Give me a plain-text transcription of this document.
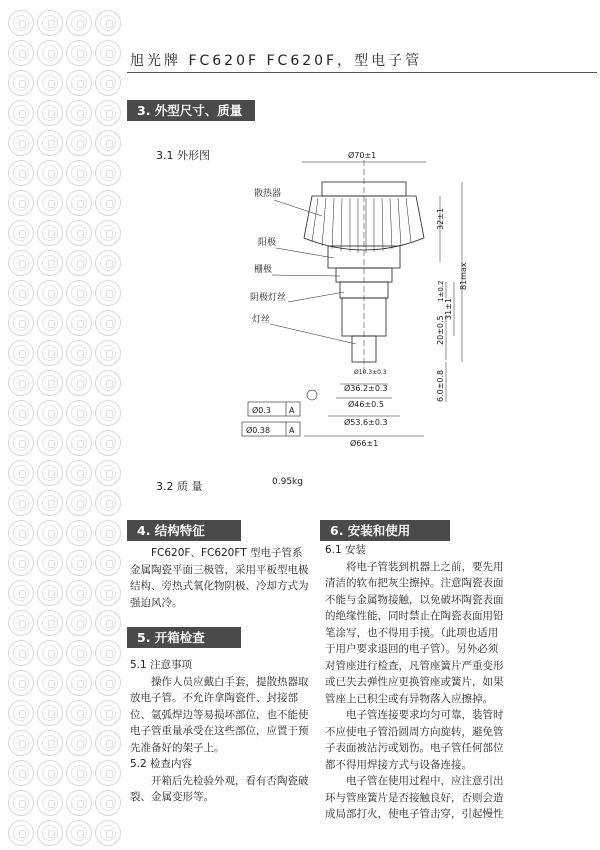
旭光牌 FC620F FC620F，型电子管
3. 外型尺寸、质量
3.1 外形图	Ø70±1
32±1
81max
1±0.2
31±1
20±0.5
6.0±0.8
Ø10.3±0.3
Ø36.2±0.3
Ø46±0.5
Ø53.6±0.3
Ø66±1
Ø0.3 A
Ø0.38 A
散热器
阳极
栅极
阴极灯丝
灯丝
3.2 质 量	0.95kg
4. 结构特征

FC620F、FC620FT 型电子管系金属陶瓷平面三极管，采用平板型电极结构、旁热式氧化物阴极、冷却方式为强迫风冷。

5. 开箱检查

5.1 注意事项

操作人员应戴白手套，提散热器取放电子管。不允许拿陶瓷件、封接部位、氩弧焊边等易损坏部位，也不能使电子管重量承受在这些部位，应置于预先准备好的架子上。

5.2 检查内容

开箱后先检验外观，看有否陶瓷破裂、金属变形等。

6. 安装和使用

6.1 安装

将电子管装到机器上之前，要先用清洁的软布把灰尘擦掉。注意陶瓷表面不能与金属物接触，以免破坏陶瓷表面的绝缘性能，同时禁止在陶瓷表面用铅笔涂写，也不得用手摸。（此项也适用于用户要求退回的电子管）。另外必须对管座进行检查，凡管座簧片严重变形或已失去弹性应更换管座或簧片，如果管座上已积尘或有异物落入应擦掉。

电子管连接要求均匀可靠，装管时不应使电子管沿圆周方向旋转，避免管子表面被沾污或划伤。电子管任何部位都不得用焊接方式与设备连接。

电子管在使用过程中，应注意引出环与管座簧片是否接触良好，否则会造成局部打火，使电子管击穿，引起慢性
